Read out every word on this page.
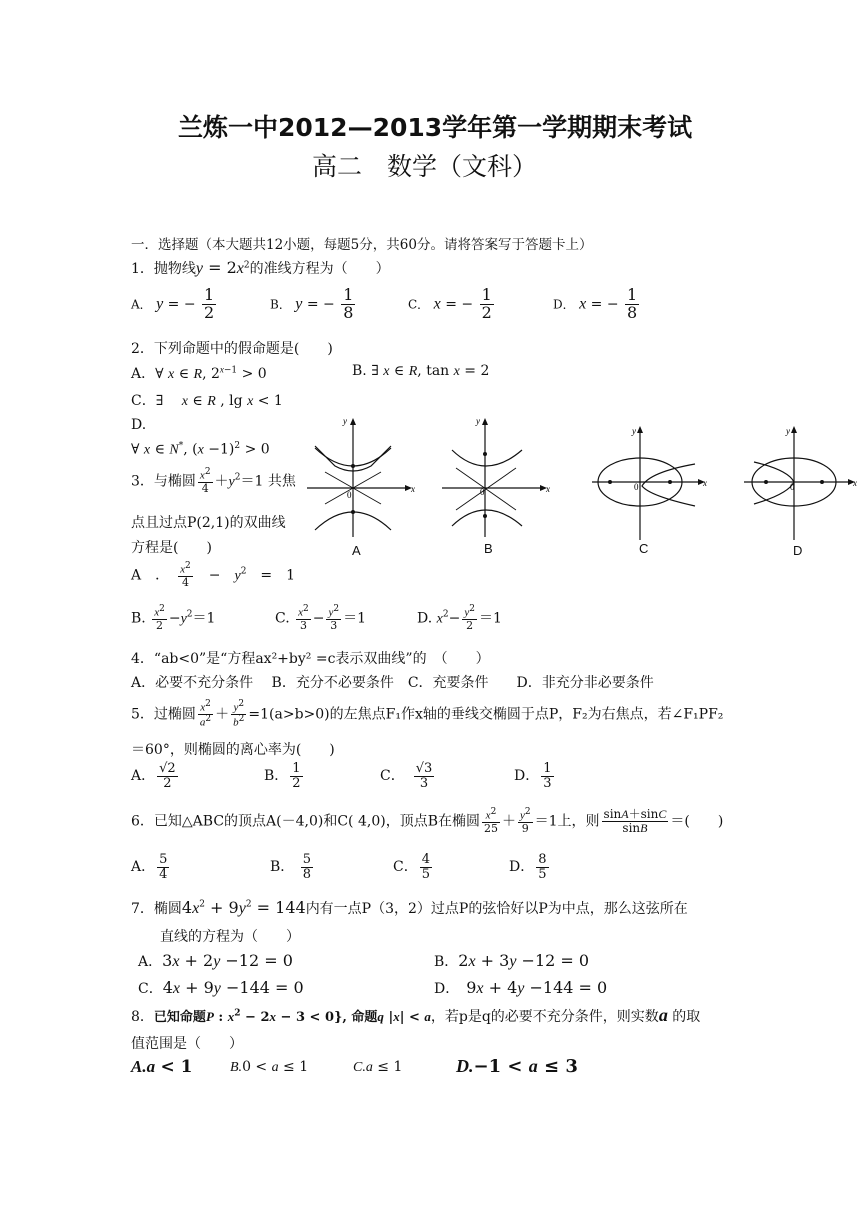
兰炼一中2012—2013学年第一学期期末考试
高二　数学（文科）
一．选择题（本大题共12小题，每题5分，共60分。请将答案写于答题卡上）
1．抛物线$y = 2x^2$的准线方程为（　　）
A． y = − $\frac{1}{2}$	B． y = − $\frac{1}{8}$	C． x = − $\frac{1}{2}$	D． x = − $\frac{1}{8}$
2．下列命题中的假命题是(　　)
A．∀ x ∈ R, $2^{x-1} > 0$	B. ∃ x ∈ R, tan x = 2
C．∃　 x ∈ R , lg x < 1
D.
∀ x ∈ N*, $(x -1)^2 > 0$
3．与椭圆 $\frac{x^2}{4} +y^2=1$ 共焦
点且过点P(2,1)的双曲线
方程是(　　)
A　．　 $\frac{x^2}{4}$ 　−　$y^2$　=　1
B. $\frac{x^2}{2} -y^2=1$	C. $\frac{x^2}{3} - \frac{y^2}{3} =1$	D. $x^2- \frac{y^2}{2} =1$
x
y
0
x
y
0
x
y
0	x
y
0
A	B	C	D
4．“ab<0”是“方程ax²+by² =c表示双曲线”的　（　　）
A．必要不充分条件　 B．充分不必要条件　C．充要条件　　D．非充分非必要条件
5．过椭圆 $\frac{x^2}{a^2} + \frac{y^2}{b^2} =1(a>b>0)$的左焦点F₁作x轴的垂线交椭圆于点P，F₂为右焦点，若∠F₁PF₂
＝60°，则椭圆的离心率为(　　)
A． $\frac{√2}{2}$	B． $\frac{1}{2}$	C．　 $\frac{√3}{3}$	D． $\frac{1}{3}$
6．已知△ABC的顶点A(－4,0)和C( 4,0)，顶点B在椭圆 $\frac{x^2}{25} + \frac{y^2}{9} =1$上，则 $\frac{\sin A+\sin C}{\sin B}$ ＝(　　)
A． $\frac{5}{4}$	B． $\frac{5}{8}$	C． $\frac{4}{5}$	D． $\frac{8}{5}$
7．椭圆$4x^2 + 9y^2 = 144$内有一点P（3，2）过点P的弦恰好以P为中点，那么这弦所在
直线的方程为（　　）
A．3x + 2y −12 = 0	B．2x + 3y −12 = 0
C．4x + 9y −144 = 0	D．　 9x + 4y −144 = 0
8．已知命题P : $x^2 - 2x - 3 < 0$}, 命题q |x| < a，若p是q的必要不充分条件，则实数a 的取
值范围是（　　）
A.a < 1	B.0 < a ≤ 1	C.a ≤ 1	D.−1 < a ≤ 3
